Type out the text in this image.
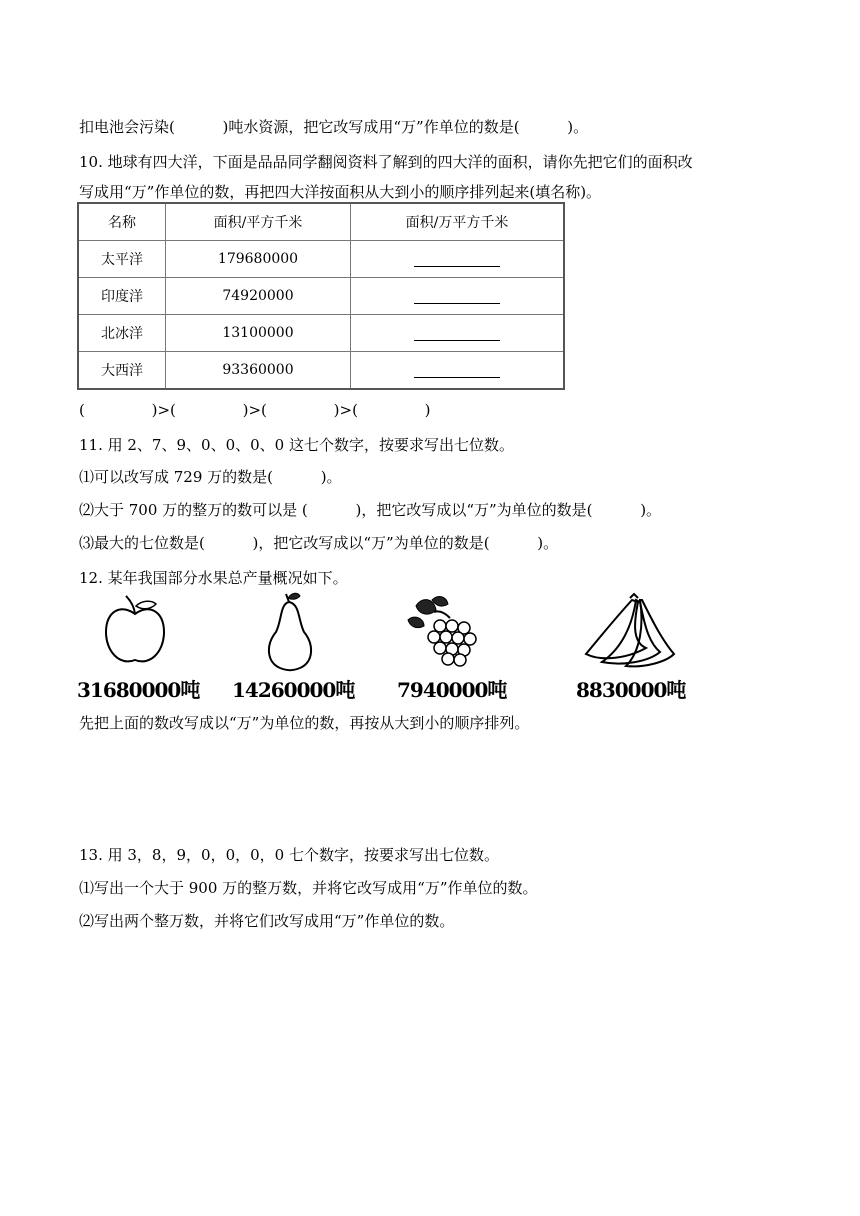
扣电池会污染(          )吨水资源，把它改写成用“万”作单位的数是(          )。
10. 地球有四大洋，下面是品品同学翻阅资料了解到的四大洋的面积，请你先把它们的面积改
写成用“万”作单位的数，再把四大洋按面积从大到小的顺序排列起来(填名称)。
名称	面积/平方千米	面积/万平方千米
太平洋	179680000	
印度洋	74920000	
北冰洋	13100000	
大西洋	93360000	
(              )>(              )>(              )>(              )
11. 用 2、7、9、0、0、0、0 这七个数字，按要求写出七位数。
⑴可以改写成 729 万的数是(          )。
⑵大于 700 万的整万的数可以是 (          )，把它改写成以“万”为单位的数是(          )。
⑶最大的七位数是(          )，把它改写成以“万”为单位的数是(          )。
12. 某年我国部分水果总产量概况如下。
31680000吨 14260000吨 7940000吨	8830000吨
先把上面的数改写成以“万”为单位的数，再按从大到小的顺序排列。
13. 用 3，8，9，0，0，0，0 七个数字，按要求写出七位数。
⑴写出一个大于 900 万的整万数，并将它改写成用“万”作单位的数。
⑵写出两个整万数，并将它们改写成用“万”作单位的数。
